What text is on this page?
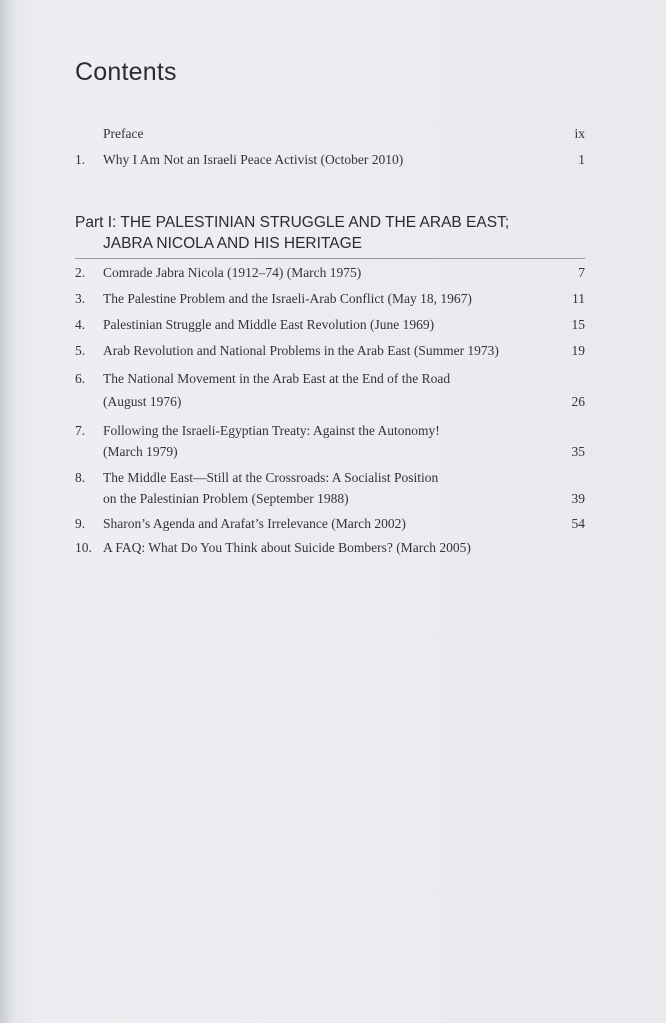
Contents
Preface	ix
1. Why I Am Not an Israeli Peace Activist (October 2010)	1
Part I: THE PALESTINIAN STRUGGLE AND THE ARAB EAST;
JABRA NICOLA AND HIS HERITAGE
2. Comrade Jabra Nicola (1912–74) (March 1975)	7
3. The Palestine Problem and the Israeli-Arab Conflict (May 18, 1967)	11
4. Palestinian Struggle and Middle East Revolution (June 1969)	15
5. Arab Revolution and National Problems in the Arab East (Summer 1973)	19
6. The National Movement in the Arab East at the End of the Road
(August 1976)	26
7. Following the Israeli-Egyptian Treaty: Against the Autonomy!
(March 1979)	35
8. The Middle East—Still at the Crossroads: A Socialist Position
on the Palestinian Problem (September 1988)	39
9. Sharon’s Agenda and Arafat’s Irrelevance (March 2002)	54
10. A FAQ: What Do You Think about Suicide Bombers? (March 2005)
